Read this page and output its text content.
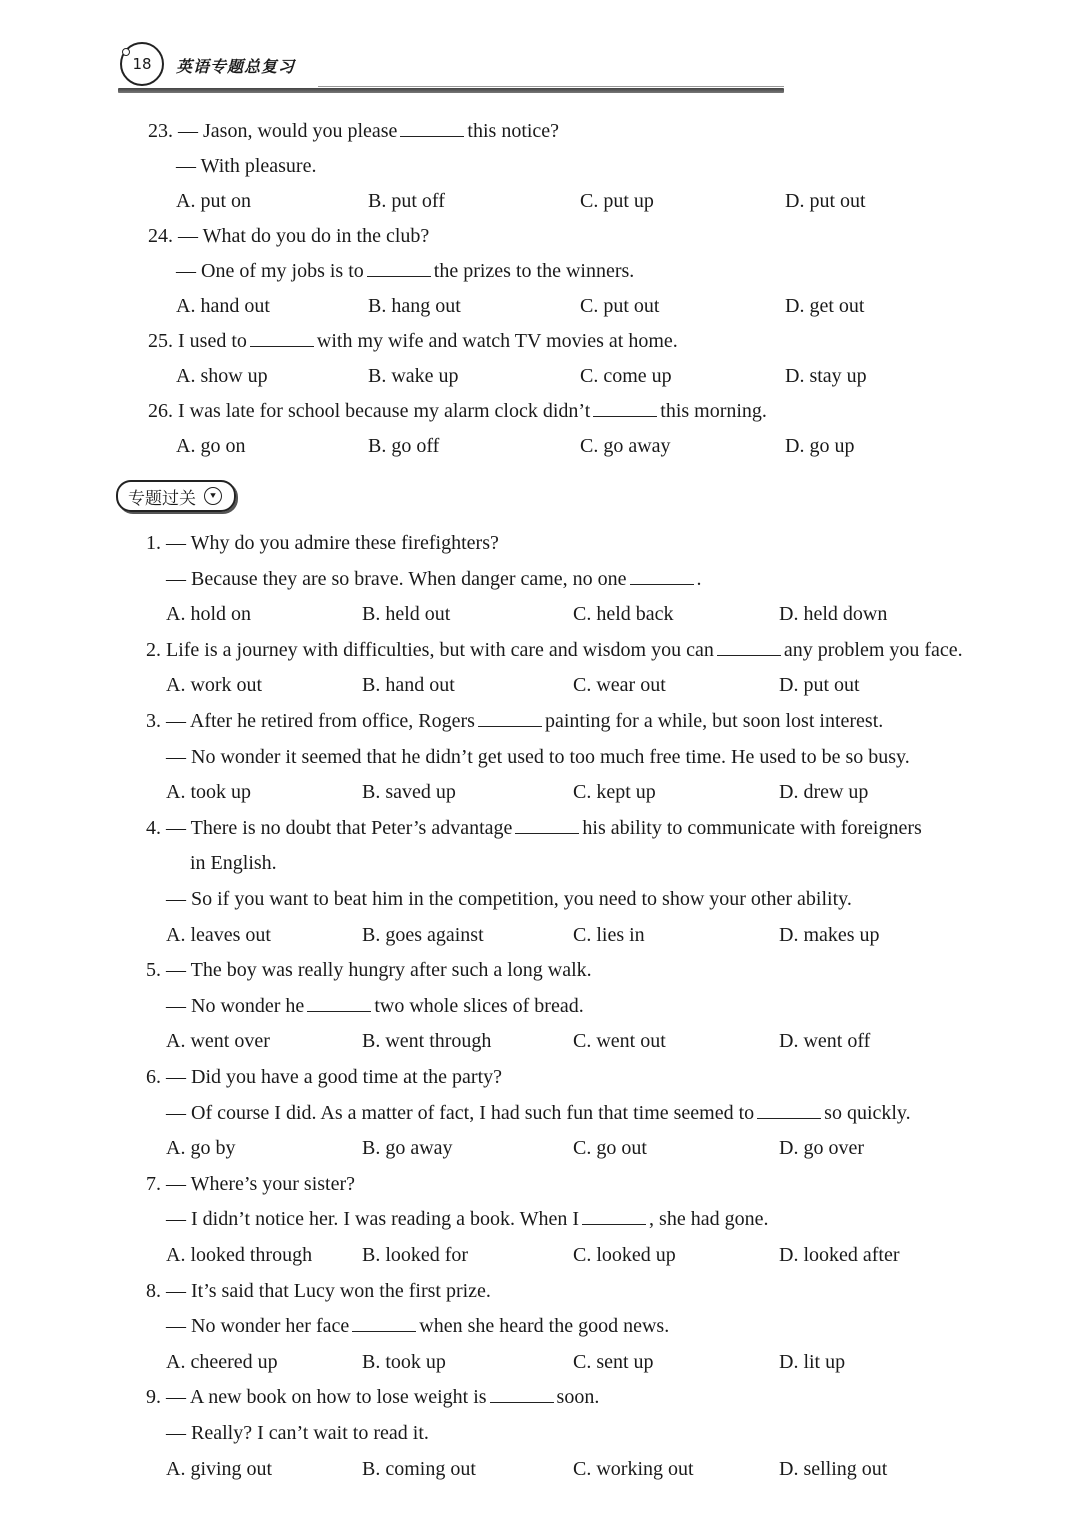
18 英语专题总复习
专题过关	⯆
23. — Jason, would you please	this notice?
— With pleasure.
A. put on	B. put off	C. put up	D. put out
24. — What do you do in the club?
— One of my jobs is to	the prizes to the winners.
A. hand out	B. hang out	C. put out	D. get out
25. I used to	with my wife and watch TV movies at home.
A. show up	B. wake up	C. come up	D. stay up
26. I was late for school because my alarm clock didn’t	this morning.
A. go on	B. go off	C. go away	D. go up
1. — Why do you admire these firefighters?
— Because they are so brave. When danger came, no one	.
A. hold on	B. held out	C. held back	D. held down
2. Life is a journey with difficulties, but with care and wisdom you can	any problem you face.
A. work out	B. hand out	C. wear out	D. put out
3. — After he retired from office, Rogers	painting for a while, but soon lost interest.
— No wonder it seemed that he didn’t get used to too much free time. He used to be so busy.
A. took up	B. saved up	C. kept up	D. drew up
4. — There is no doubt that Peter’s advantage	his ability to communicate with foreigners
in English.
— So if you want to beat him in the competition, you need to show your other ability.
A. leaves out	B. goes against	C. lies in	D. makes up
5. — The boy was really hungry after such a long walk.
— No wonder he	two whole slices of bread.
A. went over	B. went through	C. went out	D. went off
6. — Did you have a good time at the party?
— Of course I did. As a matter of fact, I had such fun that time seemed to	so quickly.
A. go by	B. go away	C. go out	D. go over
7. — Where’s your sister?
— I didn’t notice her. I was reading a book. When I	, she had gone.
A. looked through B. looked for	C. looked up	D. looked after
8. — It’s said that Lucy won the first prize.
— No wonder her face	when she heard the good news.
A. cheered up	B. took up	C. sent up	D. lit up
9. — A new book on how to lose weight is	soon.
— Really? I can’t wait to read it.
A. giving out	B. coming out	C. working out	D. selling out
